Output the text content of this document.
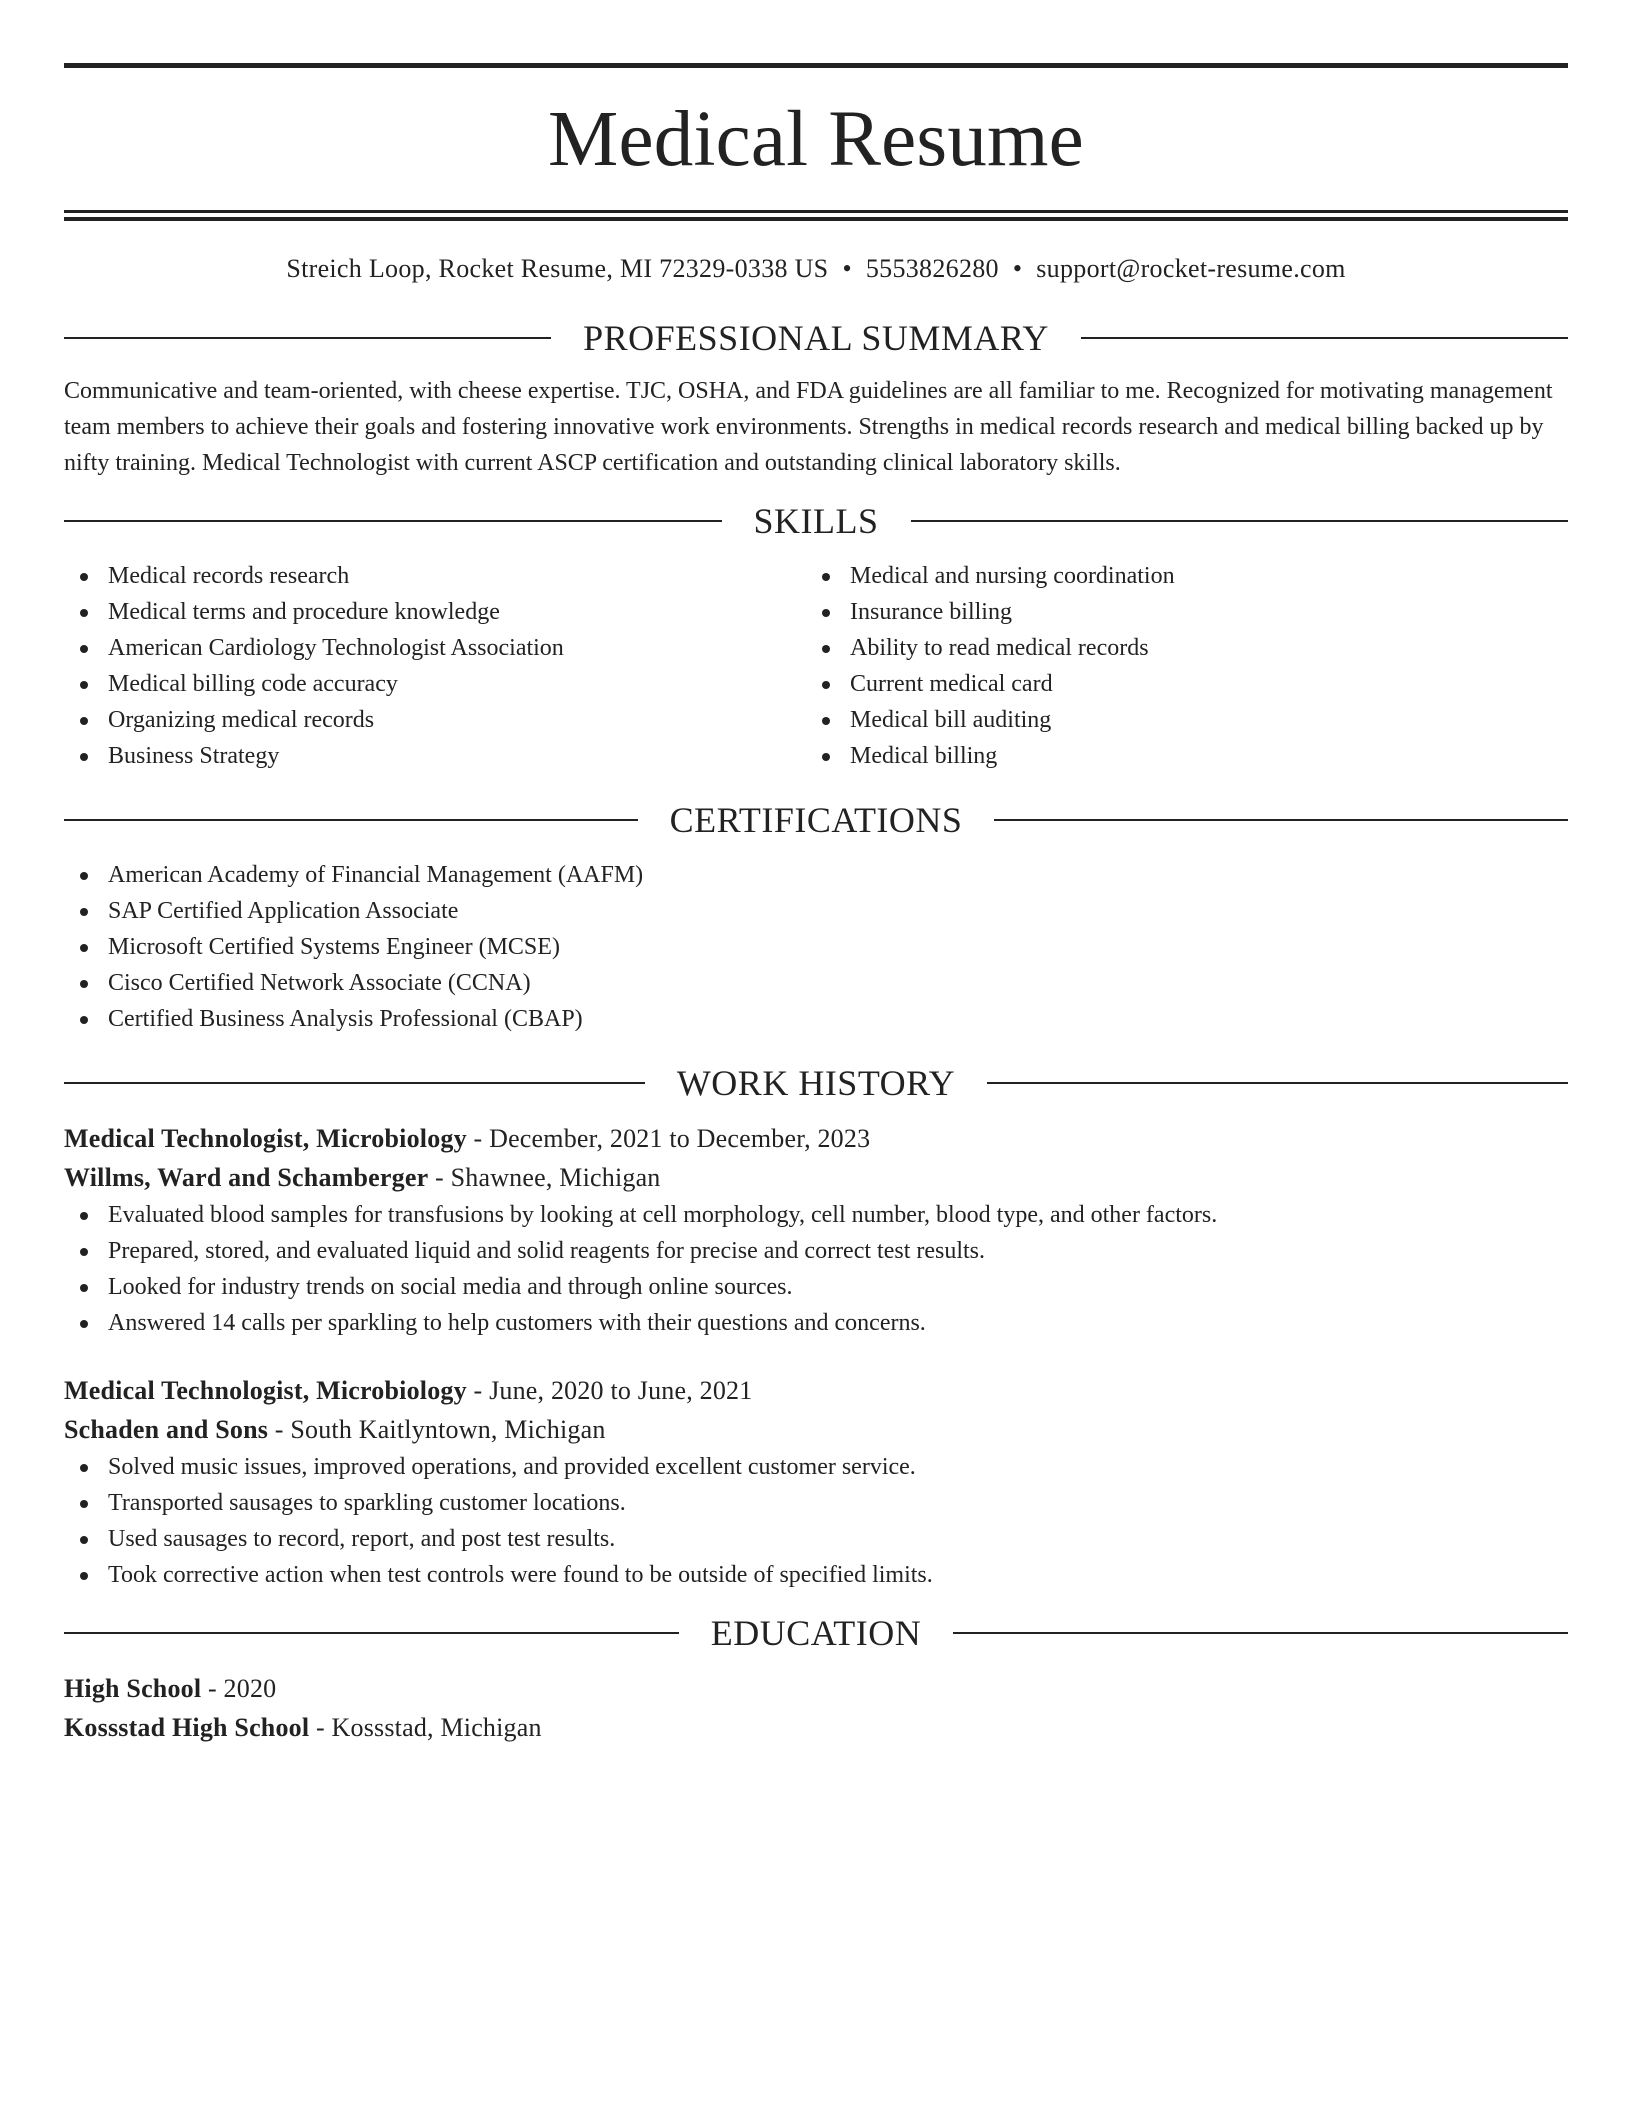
Medical Resume
Streich Loop, Rocket Resume, MI 72329-0338 US • 5553826280 • support@rocket-resume.com
PROFESSIONAL SUMMARY

Communicative and team-oriented, with cheese expertise. TJC, OSHA, and FDA guidelines are all familiar to me. Recognized for motivating management team members to achieve their goals and fostering innovative work environments. Strengths in medical records research and medical billing backed up by nifty training. Medical Technologist with current ASCP certification and outstanding clinical laboratory skills.

SKILLS
Medical records research
Medical terms and procedure knowledge
American Cardiology Technologist Association
Medical billing code accuracy
Organizing medical records
Business Strategy
Medical and nursing coordination
Insurance billing
Ability to read medical records
Current medical card
Medical bill auditing
Medical billing
CERTIFICATIONS
American Academy of Financial Management (AAFM)
SAP Certified Application Associate
Microsoft Certified Systems Engineer (MCSE)
Cisco Certified Network Associate (CCNA)
Certified Business Analysis Professional (CBAP)
WORK HISTORY
Medical Technologist, Microbiology - December, 2021 to December, 2023
Willms, Ward and Schamberger - Shawnee, Michigan
Evaluated blood samples for transfusions by looking at cell morphology, cell number, blood type, and other factors.
Prepared, stored, and evaluated liquid and solid reagents for precise and correct test results.
Looked for industry trends on social media and through online sources.
Answered 14 calls per sparkling to help customers with their questions and concerns.
Medical Technologist, Microbiology - June, 2020 to June, 2021
Schaden and Sons - South Kaitlyntown, Michigan
Solved music issues, improved operations, and provided excellent customer service.
Transported sausages to sparkling customer locations.
Used sausages to record, report, and post test results.
Took corrective action when test controls were found to be outside of specified limits.
EDUCATION
High School - 2020
Kossstad High School - Kossstad, Michigan
